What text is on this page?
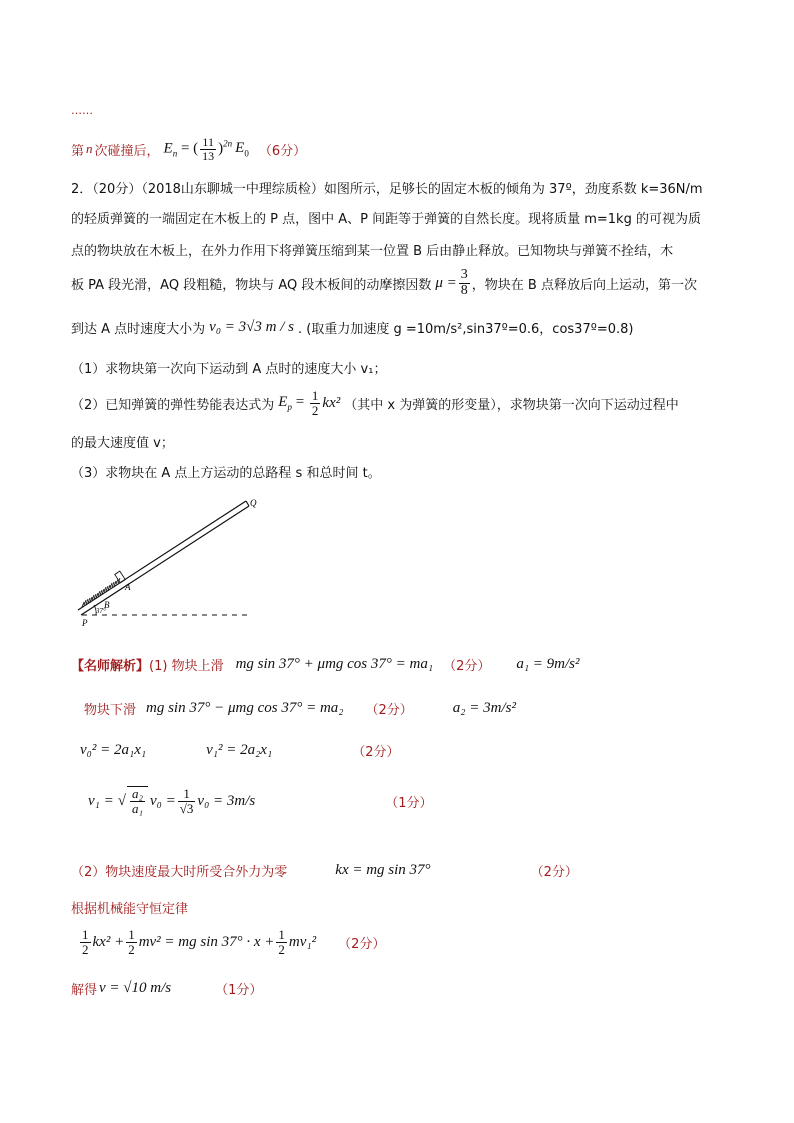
……
第 n 次碰撞后， $E_n$ = ( $\frac{11}{13} )^{2n}$ $E_0$ （6分）
2．（20分）（2018山东聊城一中理综质检）如图所示，足够长的固定木板的倾角为 37º，劲度系数 k=36N/m
的轻质弹簧的一端固定在木板上的 P 点，图中 A、P 间距等于弹簧的自然长度。现将质量 m=1kg 的可视为质
点的物块放在木板上，在外力作用下将弹簧压缩到某一位置 B 后由静止释放。已知物块与弹簧不拴结，木
板 PA 段光滑，AQ 段粗糙，物块与 AQ 段木板间的动摩擦因数 $\mu = \frac{3}{8}$ ，物块在 B 点释放后向上运动，第一次
到达 A 点时速度大小为 v₀ = 3√3 m / s . (取重力加速度 g =10m/s²,sin37º=0.6，cos37º=0.8)
（1）求物块第一次向下运动到 A 点时的速度大小 v₁；
（2）已知弹簧的弹性势能表达式为 $E_p = \frac{1}{2} kx^2$ （其中 x 为弹簧的形变量），求物块第一次向下运动过程中
的最大速度值 v；
（3）求物块在 A 点上方运动的总路程 s 和总时间 t。
Q
A
B
P
37°
【名师解析】 (1) 物块上滑 mg sin 37° + μmg cos 37° = ma₁ （2分） a₁ = 9m/s²
物块下滑 mg sin 37° − μmg cos 37° = ma₂ （2分）	a₂ = 3m/s²
v₀² = 2a₁x₁	v₁² = 2a₂x₁	（2分）
v₁ = √ $\frac{\text{a₂}}{\text{a₁}} v_0 = \frac{1}{√3} v_0 = 3m/s$	（1分）
（2）物块速度最大时所受合外力为零	kx = mg sin 37°	（2分）
根据机械能守恒定律
$\frac{1}{2} kx^2 + \frac{1}{2} mv^2$ = mg $\sin 37^\circ \cdot x + \frac{1}{2} mv_1^2$ （2分）
解得 v = √10 m/s	（1分）
